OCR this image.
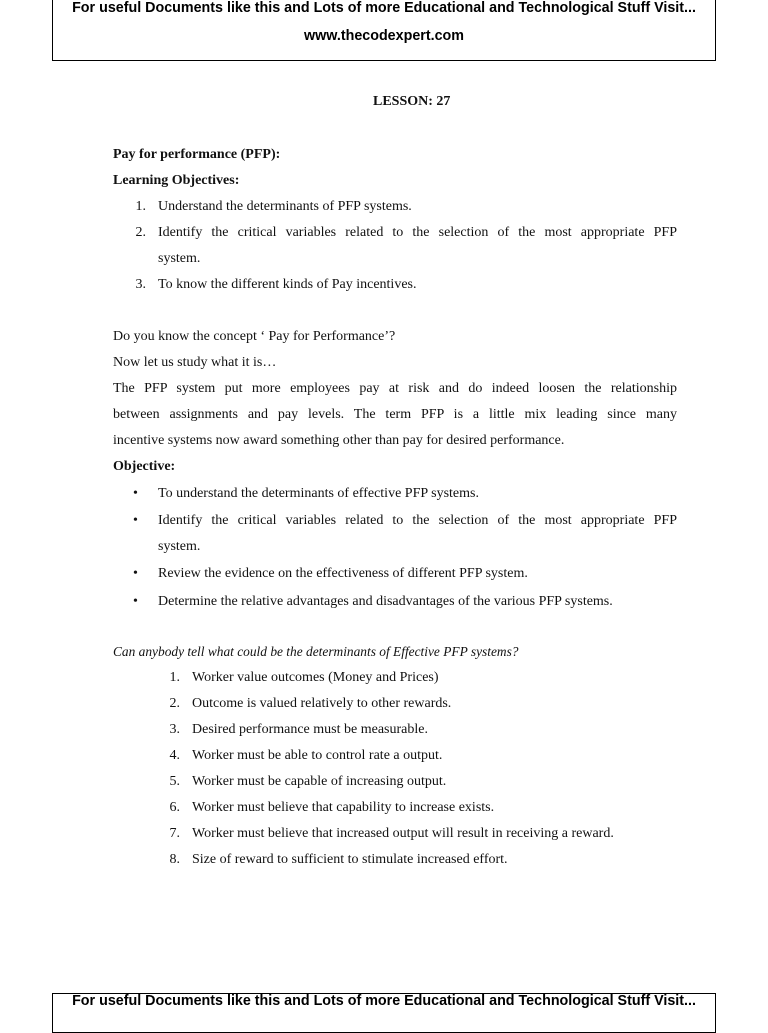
For useful Documents like this and Lots of more Educational and Technological Stuff Visit...
www.thecodexpert.com
LESSON: 27
Pay for performance (PFP):
Learning Objectives:
1. Understand the determinants of PFP systems.
2. Identify the critical variables related to the selection of the most appropriate PFP
system.
3. To know the different kinds of Pay incentives.
Do you know the concept ‘ Pay for Performance’?
Now let us study what it is…
The PFP system put more employees pay at risk and do indeed loosen the relationship
between assignments and pay levels. The term PFP is a little mix leading since many
incentive systems now award something other than pay for desired performance.
Objective:
• To understand the determinants of effective PFP systems.
• Identify the critical variables related to the selection of the most appropriate PFP
system.
• Review the evidence on the effectiveness of different PFP system.
• Determine the relative advantages and disadvantages of the various PFP systems.
Can anybody tell what could be the determinants of Effective PFP systems?
1. Worker value outcomes (Money and Prices)
2. Outcome is valued relatively to other rewards.
3. Desired performance must be measurable.
4. Worker must be able to control rate a output.
5. Worker must be capable of increasing output.
6. Worker must believe that capability to increase exists.
7. Worker must believe that increased output will result in receiving a reward.
8. Size of reward to sufficient to stimulate increased effort.
For useful Documents like this and Lots of more Educational and Technological Stuff Visit...
